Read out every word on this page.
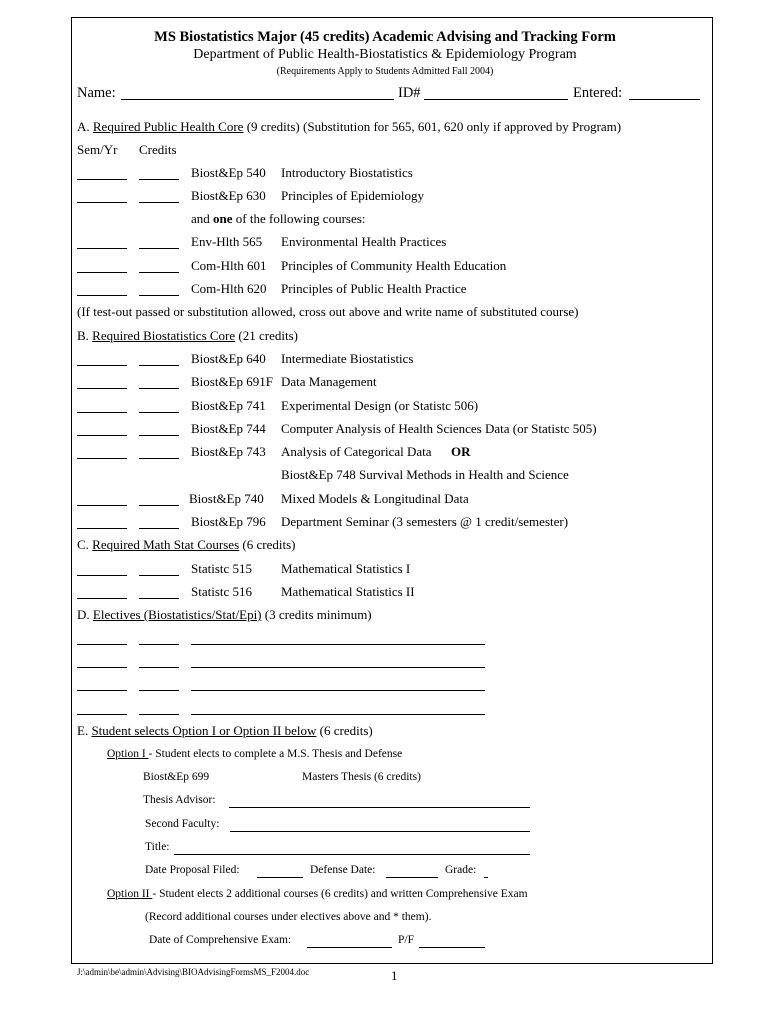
MS Biostatistics Major (45 credits) Academic Advising and Tracking Form
Department of Public Health-Biostatistics & Epidemiology Program
(Requirements Apply to Students Admitted Fall 2004)
Name:	ID#	Entered:
A. Required Public Health Core (9 credits) (Substitution for 565, 601, 620 only if approved by Program)
Sem/Yr Credits
Biost&Ep 540 Introductory Biostatistics
Biost&Ep 630 Principles of Epidemiology
and one of the following courses:
Env-Hlth 565 Environmental Health Practices
Com-Hlth 601 Principles of Community Health Education
Com-Hlth 620 Principles of Public Health Practice
(If test-out passed or substitution allowed, cross out above and write name of substituted course)
B. Required Biostatistics Core (21 credits)
Biost&Ep 640 Intermediate Biostatistics
Biost&Ep 691F Data Management
Biost&Ep 741 Experimental Design (or Statistc 506)
Biost&Ep 744 Computer Analysis of Health Sciences Data (or Statistc 505)
Biost&Ep 743 Analysis of Categorical Data OR
Biost&Ep 748 Survival Methods in Health and Science
Biost&Ep 740 Mixed Models & Longitudinal Data
Biost&Ep 796 Department Seminar (3 semesters @ 1 credit/semester)
C. Required Math Stat Courses (6 credits)
Statistc 515 Mathematical Statistics I
Statistc 516 Mathematical Statistics II
D. Electives (Biostatistics/Stat/Epi) (3 credits minimum)
E. Student selects Option I or Option II below (6 credits)
Option I - Student elects to complete a M.S. Thesis and Defense
Biost&Ep 699	Masters Thesis (6 credits)
Thesis Advisor:
Second Faculty:
Title:
Date Proposal Filed:	Defense Date:	Grade:
Option II - Student elects 2 additional courses (6 credits) and written Comprehensive Exam
(Record additional courses under electives above and * them).
Date of Comprehensive Exam:	P/F
J:\admin\be\admin\Advising\BIOAdvisingFormsMS_F2004.doc	1
